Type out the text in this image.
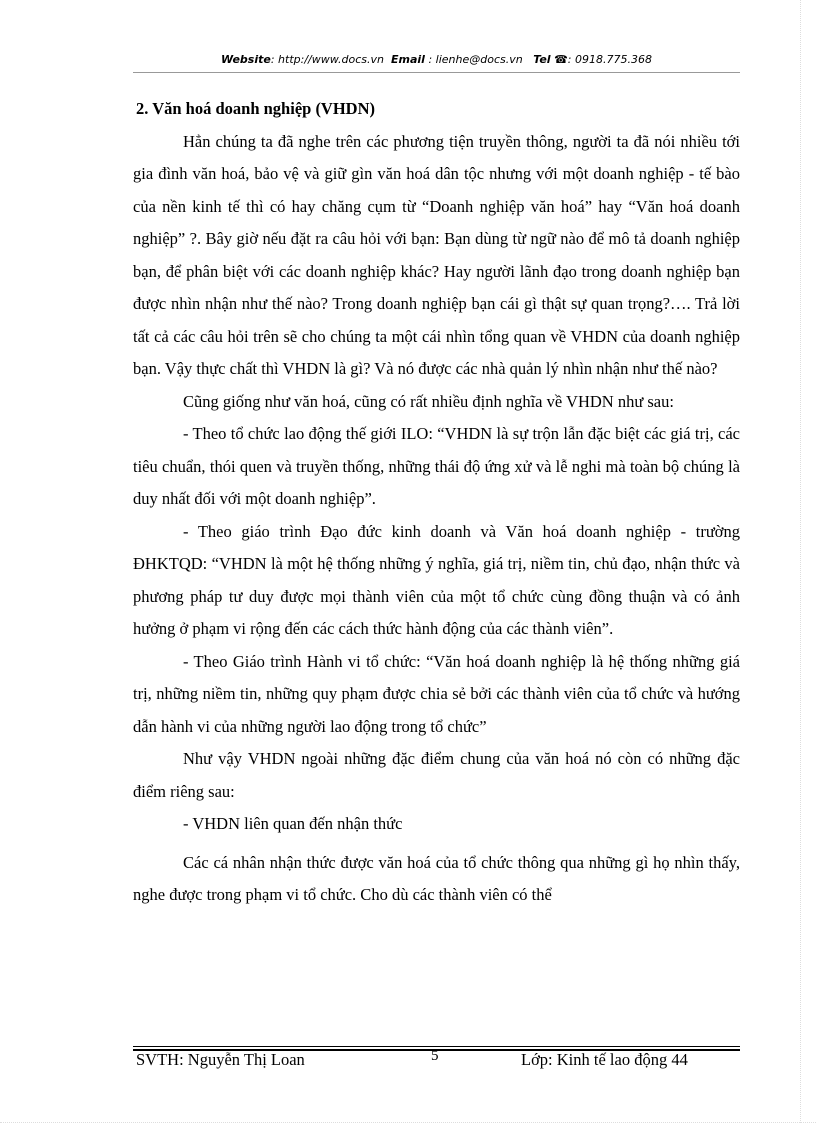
Website: http://www.docs.vn Email : lienhe@docs.vn Tel ☎: 0918.775.368

2. Văn hoá doanh nghiệp (VHDN)

Hẳn chúng ta đã nghe trên các phương tiện truyền thông, người ta đã nói nhiều tới gia đình văn hoá, bảo vệ và giữ gìn văn hoá dân tộc nhưng với một doanh nghiệp - tế bào của nền kinh tế thì có hay chăng cụm từ “Doanh nghiệp văn hoá” hay “Văn hoá doanh nghiệp” ?. Bây giờ nếu đặt ra câu hỏi với bạn: Bạn dùng từ ngữ nào để mô tả doanh nghiệp bạn, để phân biệt với các doanh nghiệp khác? Hay người lãnh đạo trong doanh nghiệp bạn được nhìn nhận như thế nào? Trong doanh nghiệp bạn cái gì thật sự quan trọng?…. Trả lời tất cả các câu hỏi trên sẽ cho chúng ta một cái nhìn tổng quan về VHDN của doanh nghiệp bạn. Vậy thực chất thì VHDN là gì? Và nó được các nhà quản lý nhìn nhận như thế nào?

Cũng giống như văn hoá, cũng có rất nhiều định nghĩa về VHDN như sau:

- Theo tổ chức lao động thế giới ILO: “VHDN là sự trộn lẫn đặc biệt các giá trị, các tiêu chuẩn, thói quen và truyền thống, những thái độ ứng xử và lễ nghi mà toàn bộ chúng là duy nhất đối với một doanh nghiệp”.

- Theo giáo trình Đạo đức kinh doanh và Văn hoá doanh nghiệp - trường ĐHKTQD: “VHDN là một hệ thống những ý nghĩa, giá trị, niềm tin, chủ đạo, nhận thức và phương pháp tư duy được mọi thành viên của một tổ chức cùng đồng thuận và có ảnh hưởng ở phạm vi rộng đến các cách thức hành động của các thành viên”.

- Theo Giáo trình Hành vi tổ chức: “Văn hoá doanh nghiệp là hệ thống những giá trị, những niềm tin, những quy phạm được chia sẻ bởi các thành viên của tổ chức và hướng dẫn hành vi của những người lao động trong tổ chức”

Như vậy VHDN ngoài những đặc điểm chung của văn hoá nó còn có những đặc điểm riêng sau:

- VHDN liên quan đến nhận thức

Các cá nhân nhận thức được văn hoá của tổ chức thông qua những gì họ nhìn thấy, nghe được trong phạm vi tổ chức. Cho dù các thành viên có thể

SVTH: Nguyễn Thị Loan	5	Lớp: Kinh tế lao động 44
